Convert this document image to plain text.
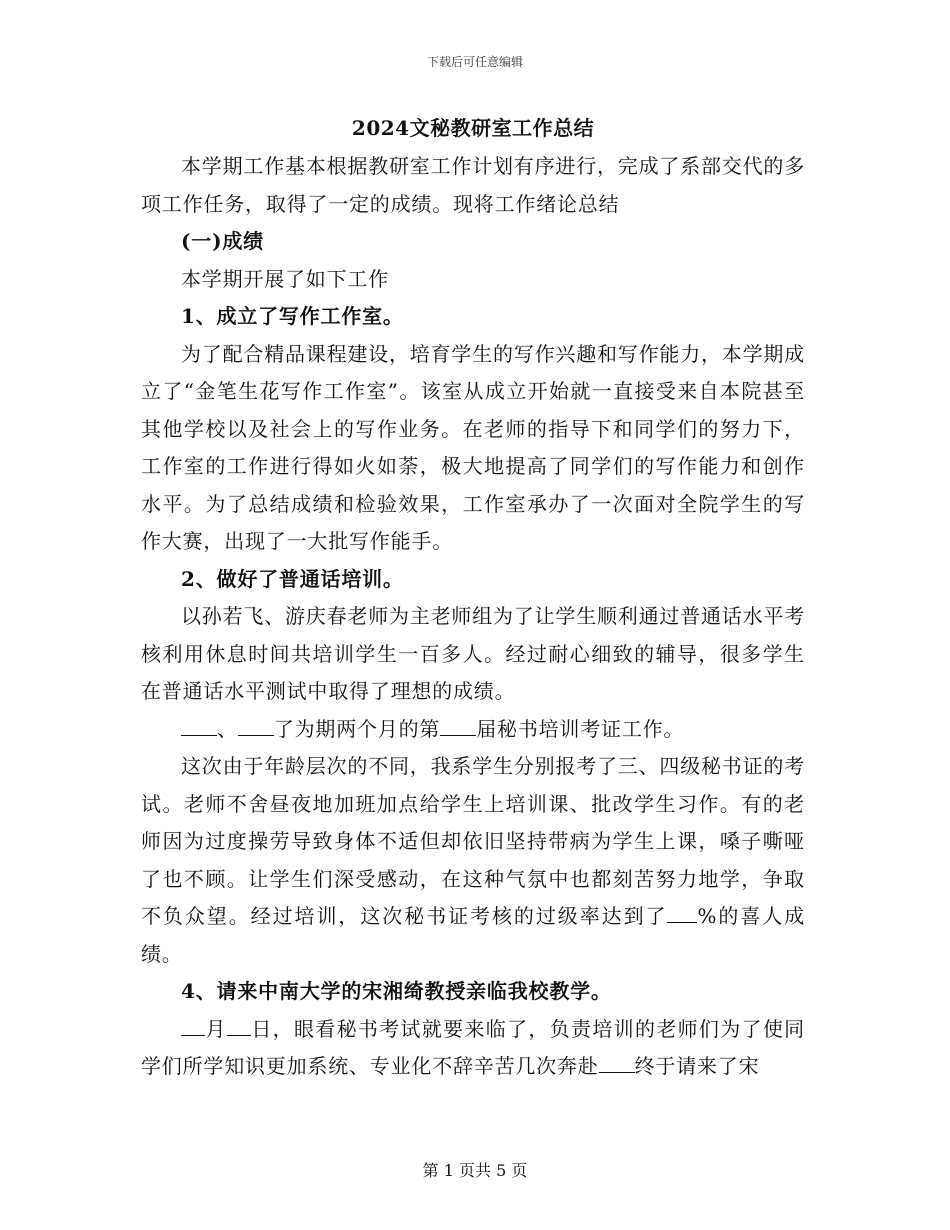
下载后可任意编辑
2024文秘教研室工作总结

本学期工作基本根据教研室工作计划有序进行，完成了系部交代的多项工作任务，取得了一定的成绩。现将工作绪论总结

(一)成绩

本学期开展了如下工作

1、成立了写作工作室。

为了配合精品课程建设，培育学生的写作兴趣和写作能力，本学期成立了“金笔生花写作工作室”。该室从成立开始就一直接受来自本院甚至其他学校以及社会上的写作业务。在老师的指导下和同学们的努力下，工作室的工作进行得如火如荼，极大地提高了同学们的写作能力和创作水平。为了总结成绩和检验效果，工作室承办了一次面对全院学生的写作大赛，出现了一大批写作能手。

2、做好了普通话培训。

以孙若飞、游庆春老师为主老师组为了让学生顺利通过普通话水平考核利用休息时间共培训学生一百多人。经过耐心细致的辅导，很多学生在普通话水平测试中取得了理想的成绩。

、 了为期两个月的第 届秘书培训考证工作。

这次由于年龄层次的不同，我系学生分别报考了三、四级秘书证的考试。老师不舍昼夜地加班加点给学生上培训课、批改学生习作。有的老师因为过度操劳导致身体不适但却依旧坚持带病为学生上课，嗓子嘶哑了也不顾。让学生们深受感动，在这种气氛中也都刻苦努力地学，争取不负众望。经过培训，这次秘书证考核的过级率达到了 %的喜人成绩。

4、请来中南大学的宋湘绮教授亲临我校教学。

月 日，眼看秘书考试就要来临了，负责培训的老师们为了使同学们所学知识更加系统、专业化不辞辛苦几次奔赴 终于请来了宋

第 1 页共 5 页
